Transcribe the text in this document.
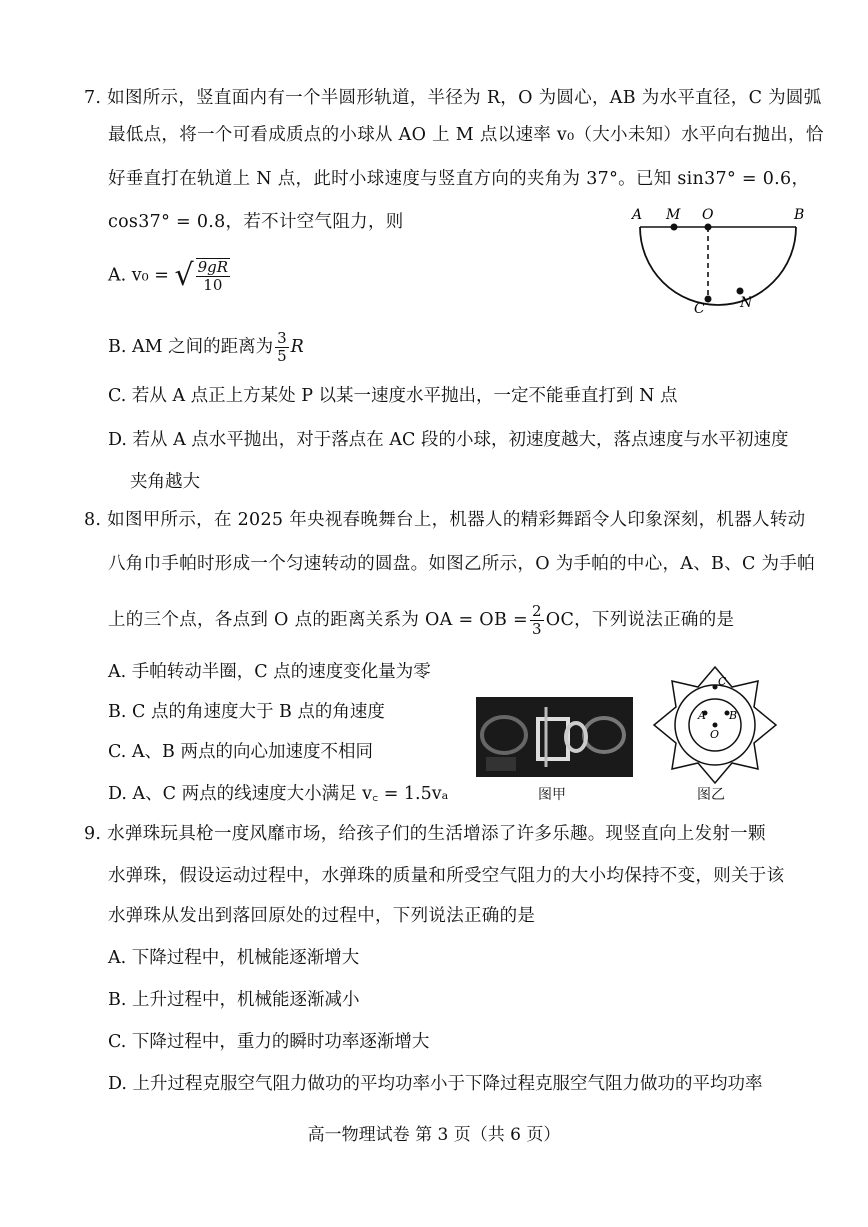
7. 如图所示，竖直面内有一个半圆形轨道，半径为 R，O 为圆心，AB 为水平直径，C 为圆弧
最低点，将一个可看成质点的小球从 AO 上 M 点以速率 v₀（大小未知）水平向右抛出，恰
好垂直打在轨道上 N 点，此时小球速度与竖直方向的夹角为 37°。已知 sin37° = 0.6，
cos37° = 0.8，若不计空气阻力，则
A. v₀ = √ $\frac{9gR}{10}$
B. AM 之间的距离为 $\frac{3}{5}$ R
C. 若从 A 点正上方某处 P 以某一速度水平抛出，一定不能垂直打到 N 点
D. 若从 A 点水平抛出，对于落点在 AC 段的小球，初速度越大，落点速度与水平初速度
夹角越大
A M O	B
C	N
8. 如图甲所示，在 2025 年央视春晚舞台上，机器人的精彩舞蹈令人印象深刻，机器人转动
八角巾手帕时形成一个匀速转动的圆盘。如图乙所示，O 为手帕的中心，A、B、C 为手帕
上的三个点，各点到 O 点的距离关系为 OA = OB = $\frac{2}{3}$ OC，下列说法正确的是
A. 手帕转动半圈，C 点的速度变化量为零
B. C 点的角速度大于 B 点的角速度
C. A、B 两点的向心加速度不相同
D. A、C 两点的线速度大小满足 v꜀ = 1.5vₐ	图甲
A B
C
O
图乙
9. 水弹珠玩具枪一度风靡市场，给孩子们的生活增添了许多乐趣。现竖直向上发射一颗
水弹珠，假设运动过程中，水弹珠的质量和所受空气阻力的大小均保持不变，则关于该
水弹珠从发出到落回原处的过程中，下列说法正确的是
A. 下降过程中，机械能逐渐增大
B. 上升过程中，机械能逐渐减小
C. 下降过程中，重力的瞬时功率逐渐增大
D. 上升过程克服空气阻力做功的平均功率小于下降过程克服空气阻力做功的平均功率
高一物理试卷 第 3 页（共 6 页）
